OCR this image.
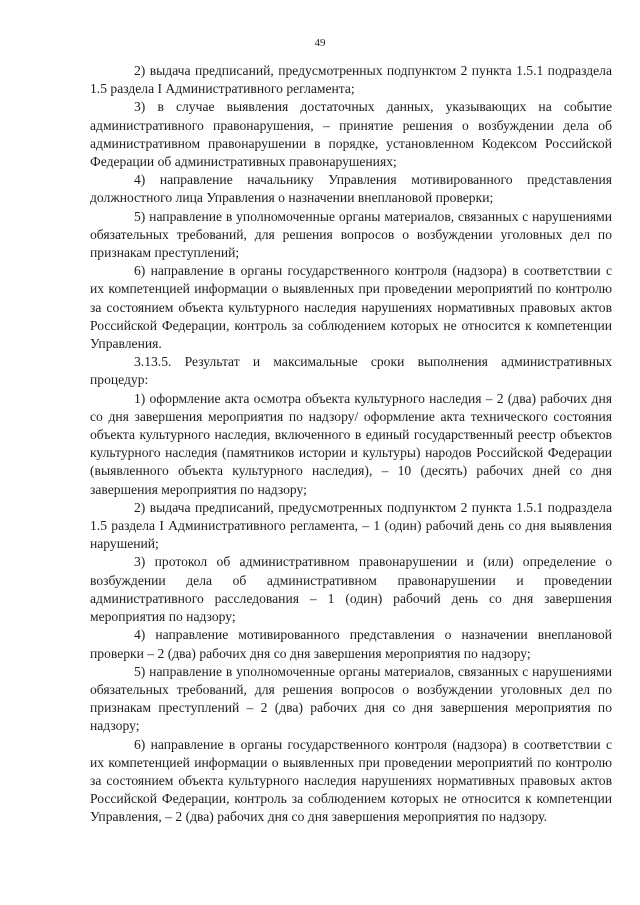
49

2) выдача предписаний, предусмотренных подпунктом 2 пункта 1.5.1 подраздела 1.5 раздела I Административного регламента;

3) в случае выявления достаточных данных, указывающих на событие административного правонарушения, – принятие решения о возбуждении дела об административном правонарушении в порядке, установленном Кодексом Российской Федерации об административных правонарушениях;

4) направление начальнику Управления мотивированного представления должностного лица Управления о назначении внеплановой проверки;

5) направление в уполномоченные органы материалов, связанных с нарушениями обязательных требований, для решения вопросов о возбуждении уголовных дел по признакам преступлений;

6) направление в органы государственного контроля (надзора) в соответствии с их компетенцией информации о выявленных при проведении мероприятий по контролю за состоянием объекта культурного наследия нарушениях нормативных правовых актов Российской Федерации, контроль за соблюдением которых не относится к компетенции Управления.

3.13.5. Результат и максимальные сроки выполнения административных процедур:

1) оформление акта осмотра объекта культурного наследия – 2 (два) рабочих дня со дня завершения мероприятия по надзору/ оформление акта технического состояния объекта культурного наследия, включенного в единый государственный реестр объектов культурного наследия (памятников истории и культуры) народов Российской Федерации (выявленного объекта культурного наследия), – 10 (десять) рабочих дней со дня завершения мероприятия по надзору;

2) выдача предписаний, предусмотренных подпунктом 2 пункта 1.5.1 подраздела 1.5 раздела I Административного регламента, – 1 (один) рабочий день со дня выявления нарушений;

3) протокол об административном правонарушении и (или) определение о возбуждении дела об административном правонарушении и проведении административного расследования – 1 (один) рабочий день со дня завершения мероприятия по надзору;

4) направление мотивированного представления о назначении внеплановой проверки – 2 (два) рабочих дня со дня завершения мероприятия по надзору;

5) направление в уполномоченные органы материалов, связанных с нарушениями обязательных требований, для решения вопросов о возбуждении уголовных дел по признакам преступлений – 2 (два) рабочих дня со дня завершения мероприятия по надзору;

6) направление в органы государственного контроля (надзора) в соответствии с их компетенцией информации о выявленных при проведении мероприятий по контролю за состоянием объекта культурного наследия нарушениях нормативных правовых актов Российской Федерации, контроль за соблюдением которых не относится к компетенции Управления, – 2 (два) рабочих дня со дня завершения мероприятия по надзору.
